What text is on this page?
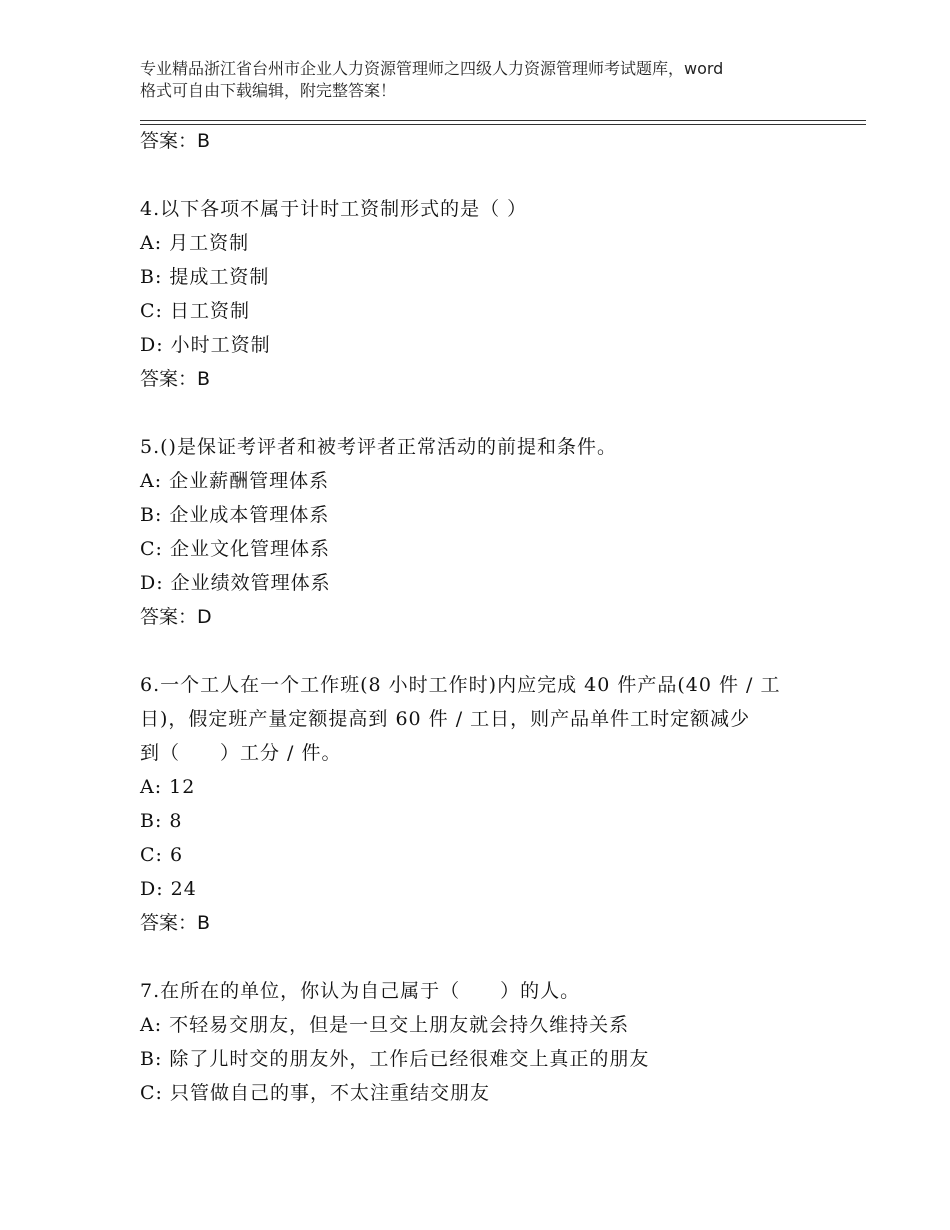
专业精品浙江省台州市企业人力资源管理师之四级人力资源管理师考试题库，word
格式可自由下载编辑，附完整答案！
答案：B
4.以下各项不属于计时工资制形式的是（ ）
A: 月工资制
B: 提成工资制
C: 日工资制
D: 小时工资制
答案：B
5.()是保证考评者和被考评者正常活动的前提和条件。
A: 企业薪酬管理体系
B: 企业成本管理体系
C: 企业文化管理体系
D: 企业绩效管理体系
答案：D
6.一个工人在一个工作班(8 小时工作时)内应完成 40 件产品(40 件 / 工
日)，假定班产量定额提高到 60 件 / 工日，则产品单件工时定额减少
到（　　）工分 / 件。
A: 12
B: 8
C: 6
D: 24
答案：B
7.在所在的单位，你认为自己属于（　　）的人。
A: 不轻易交朋友，但是一旦交上朋友就会持久维持关系
B: 除了儿时交的朋友外，工作后已经很难交上真正的朋友
C: 只管做自己的事，不太注重结交朋友
